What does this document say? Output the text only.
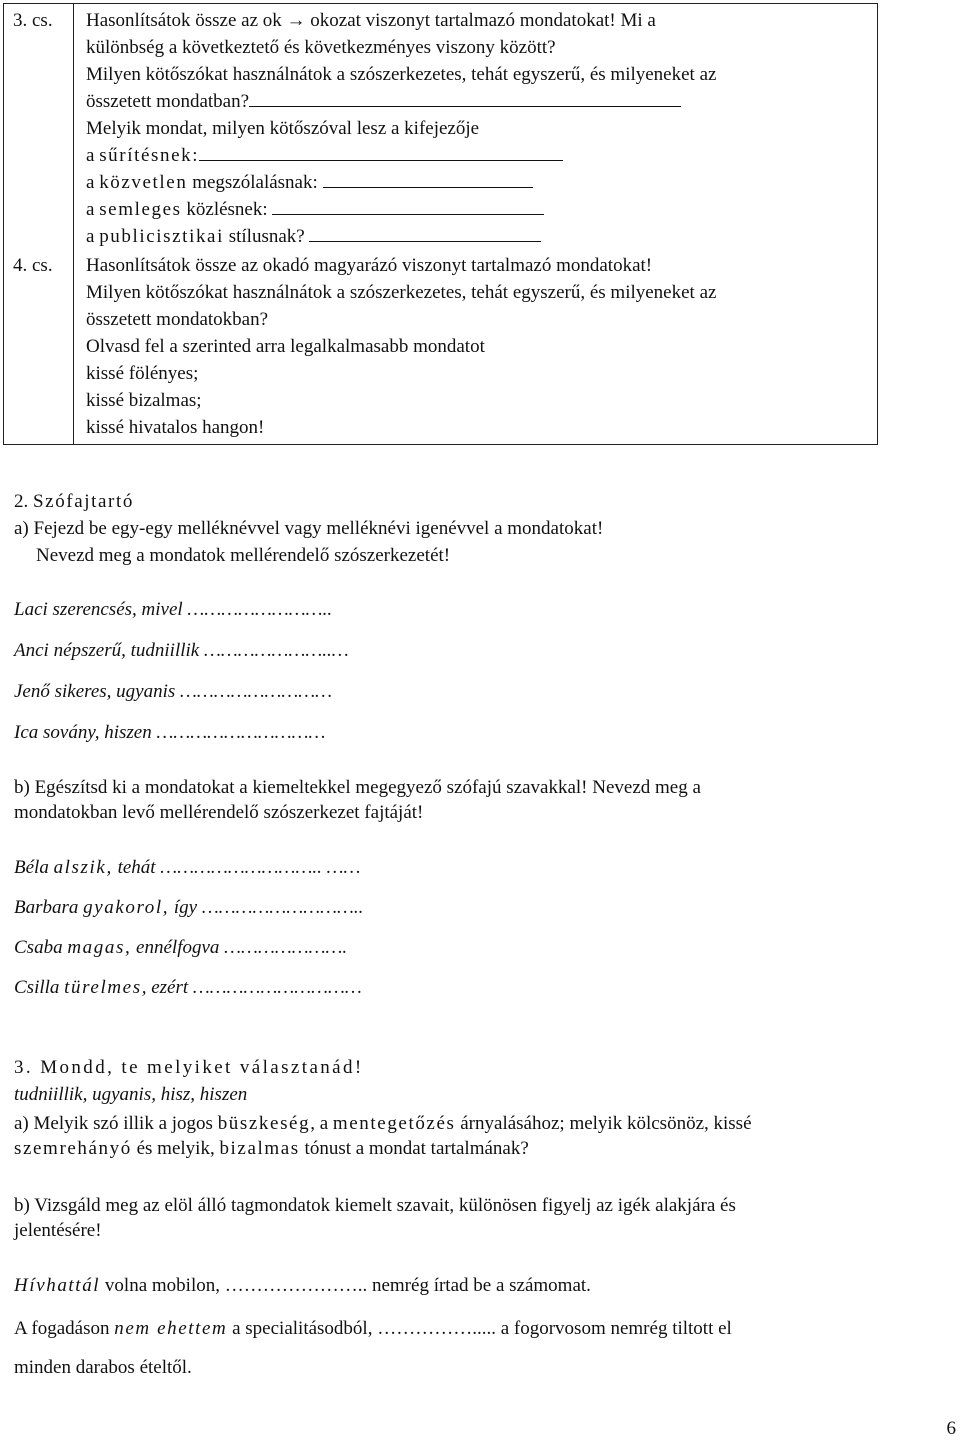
3. cs. Hasonlítsátok össze az ok → okozat viszonyt tartalmazó mondatokat! Mi a
különbség a következtető és következményes viszony között?
Milyen kötőszókat használnátok a szószerkezetes, tehát egyszerű, és milyeneket az
összetett mondatban?
Melyik mondat, milyen kötőszóval lesz a kifejezője
a sűrítésnek:
a közvetlen megszólalásnak:
a semleges közlésnek:
a publicisztikai stílusnak?
4. cs. Hasonlítsátok össze az okadó magyarázó viszonyt tartalmazó mondatokat!
Milyen kötőszókat használnátok a szószerkezetes, tehát egyszerű, és milyeneket az
összetett mondatokban?
Olvasd fel a szerinted arra legalkalmasabb mondatot
kissé fölényes;
kissé bizalmas;
kissé hivatalos hangon!
2. Szófajtartó
a) Fejezd be egy-egy melléknévvel vagy melléknévi igenévvel a mondatokat!
Nevezd meg a mondatok mellérendelő szószerkezetét!
Laci szerencsés, mivel ……………………..
Anci népszerű, tudniillik …………………..…
Jenő sikeres, ugyanis ………………………
Ica sovány, hiszen …………………………
b) Egészítsd ki a mondatokat a kiemeltekkel megegyező szófajú szavakkal! Nevezd meg a
mondatokban levő mellérendelő szószerkezet fajtáját!
Béla alszik, tehát ……………………….. ……
Barbara gyakorol, így ………………………..
Csaba magas, ennélfogva ………………….
Csilla türelmes, ezért …………………………
3. Mondd, te melyiket választanád!
tudniillik, ugyanis, hisz, hiszen
a) Melyik szó illik a jogos büszkeség, a mentegetőzés árnyalásához; melyik kölcsönöz, kissé
szemrehányó és melyik, bizalmas tónust a mondat tartalmának?
b) Vizsgáld meg az elöl álló tagmondatok kiemelt szavait, különösen figyelj az igék alakjára és
jelentésére!
Hívhattál volna mobilon, ………………….. nemrég írtad be a számomat.
A fogadáson nem ehettem a specialitásodból, ……………..... a fogorvosom nemrég tiltott el
minden darabos ételtől.
6
